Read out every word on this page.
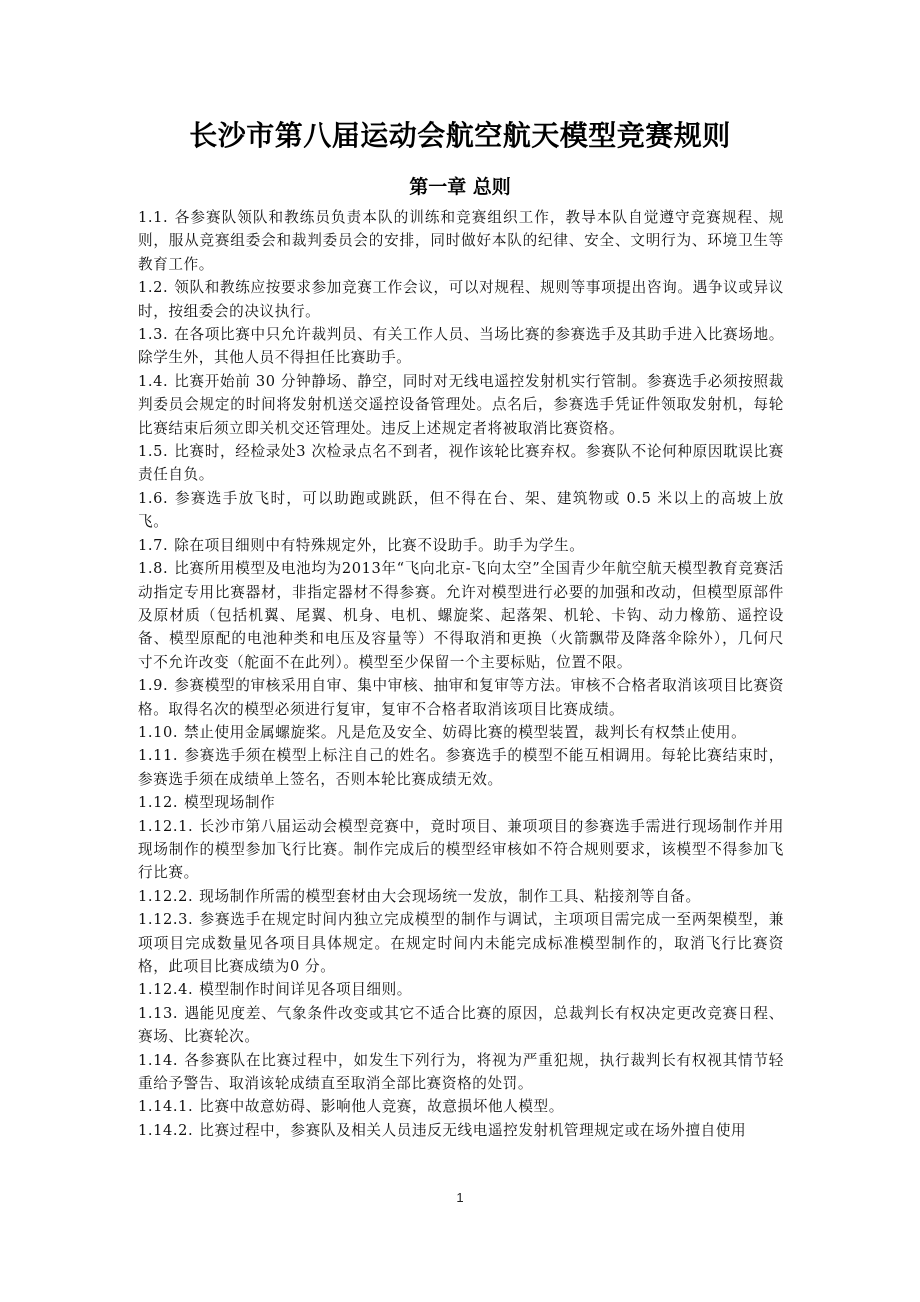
长沙市第八届运动会航空航天模型竞赛规则
第一章 总则

1.1. 各参赛队领队和教练员负责本队的训练和竞赛组织工作，教导本队自觉遵守竞赛规程、规则，服从竞赛组委会和裁判委员会的安排，同时做好本队的纪律、安全、文明行为、环境卫生等教育工作。

1.2. 领队和教练应按要求参加竞赛工作会议，可以对规程、规则等事项提出咨询。遇争议或异议时，按组委会的决议执行。

1.3. 在各项比赛中只允许裁判员、有关工作人员、当场比赛的参赛选手及其助手进入比赛场地。除学生外，其他人员不得担任比赛助手。

1.4. 比赛开始前 30 分钟静场、静空，同时对无线电遥控发射机实行管制。参赛选手必须按照裁判委员会规定的时间将发射机送交遥控设备管理处。点名后，参赛选手凭证件领取发射机，每轮比赛结束后须立即关机交还管理处。违反上述规定者将被取消比赛资格。

1.5. 比赛时，经检录处3 次检录点名不到者，视作该轮比赛弃权。参赛队不论何种原因耽误比赛责任自负。

1.6. 参赛选手放飞时，可以助跑或跳跃，但不得在台、架、建筑物或 0.5 米以上的高坡上放飞。

1.7. 除在项目细则中有特殊规定外，比赛不设助手。助手为学生。

1.8. 比赛所用模型及电池均为2013年“飞向北京-飞向太空”全国青少年航空航天模型教育竞赛活动指定专用比赛器材，非指定器材不得参赛。允许对模型进行必要的加强和改动，但模型原部件及原材质（包括机翼、尾翼、机身、电机、螺旋桨、起落架、机轮、卡钩、动力橡筋、遥控设备、模型原配的电池种类和电压及容量等）不得取消和更换（火箭飘带及降落伞除外），几何尺寸不允许改变（舵面不在此列）。模型至少保留一个主要标贴，位置不限。

1.9. 参赛模型的审核采用自审、集中审核、抽审和复审等方法。审核不合格者取消该项目比赛资格。取得名次的模型必须进行复审，复审不合格者取消该项目比赛成绩。

1.10. 禁止使用金属螺旋桨。凡是危及安全、妨碍比赛的模型装置，裁判长有权禁止使用。

1.11. 参赛选手须在模型上标注自己的姓名。参赛选手的模型不能互相调用。每轮比赛结束时，参赛选手须在成绩单上签名，否则本轮比赛成绩无效。

1.12. 模型现场制作

1.12.1. 长沙市第八届运动会模型竞赛中，竟时项目、兼项项目的参赛选手需进行现场制作并用现场制作的模型参加飞行比赛。制作完成后的模型经审核如不符合规则要求，该模型不得参加飞行比赛。

1.12.2. 现场制作所需的模型套材由大会现场统一发放，制作工具、粘接剂等自备。

1.12.3. 参赛选手在规定时间内独立完成模型的制作与调试，主项项目需完成一至两架模型，兼项项目完成数量见各项目具体规定。在规定时间内未能完成标准模型制作的，取消飞行比赛资格，此项目比赛成绩为0 分。

1.12.4. 模型制作时间详见各项目细则。

1.13. 遇能见度差、气象条件改变或其它不适合比赛的原因，总裁判长有权决定更改竞赛日程、赛场、比赛轮次。

1.14. 各参赛队在比赛过程中，如发生下列行为，将视为严重犯规，执行裁判长有权视其情节轻重给予警告、取消该轮成绩直至取消全部比赛资格的处罚。

1.14.1. 比赛中故意妨碍、影响他人竞赛，故意损坏他人模型。

1.14.2. 比赛过程中，参赛队及相关人员违反无线电遥控发射机管理规定或在场外擅自使用

1
